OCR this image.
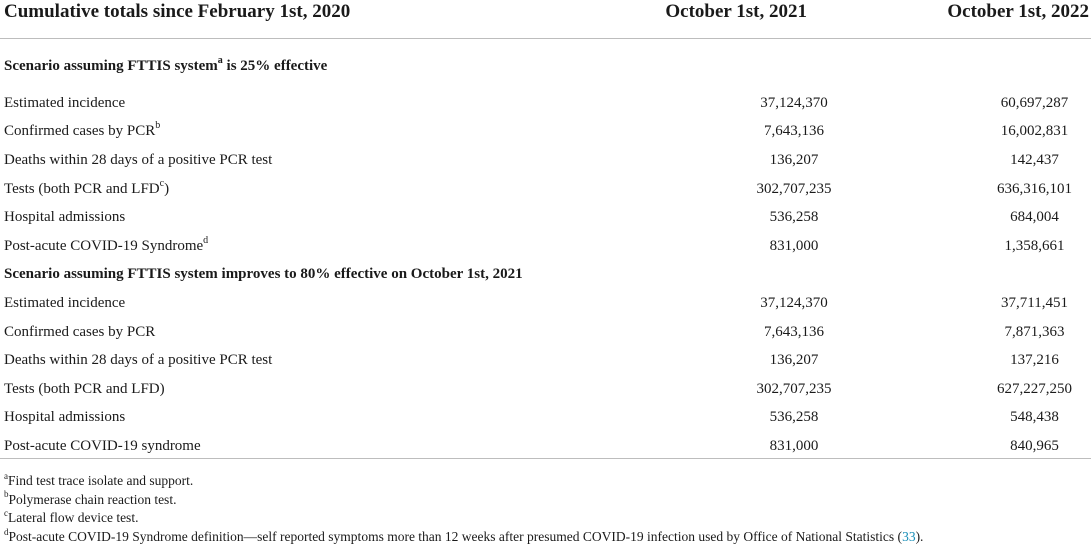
Cumulative totals since February 1st, 2020	October 1st, 2021	October 1st, 2022
Scenario assuming FTTIS system$^a$ is 25% effective		
Estimated incidence	37,124,370	60,697,287
Confirmed cases by PCR$^b$	7,643,136	16,002,831
Deaths within 28 days of a positive PCR test	136,207	142,437
Tests (both PCR and LFD$^c$)	302,707,235	636,316,101
Hospital admissions	536,258	684,004
Post-acute COVID-19 Syndrome$^d$	831,000	1,358,661
Scenario assuming FTTIS system improves to 80% effective on October 1st, 2021		
Estimated incidence	37,124,370	37,711,451
Confirmed cases by PCR	7,643,136	7,871,363
Deaths within 28 days of a positive PCR test	136,207	137,216
Tests (both PCR and LFD)	302,707,235	627,227,250
Hospital admissions	536,258	548,438
Post-acute COVID-19 syndrome	831,000	840,965
$^a$Find test trace isolate and support.
$^b$Polymerase chain reaction test.
$^c$Lateral flow device test.
$^d$Post-acute COVID-19 Syndrome definition—self reported symptoms more than 12 weeks after presumed COVID-19 infection used by Office of National Statistics (33).
